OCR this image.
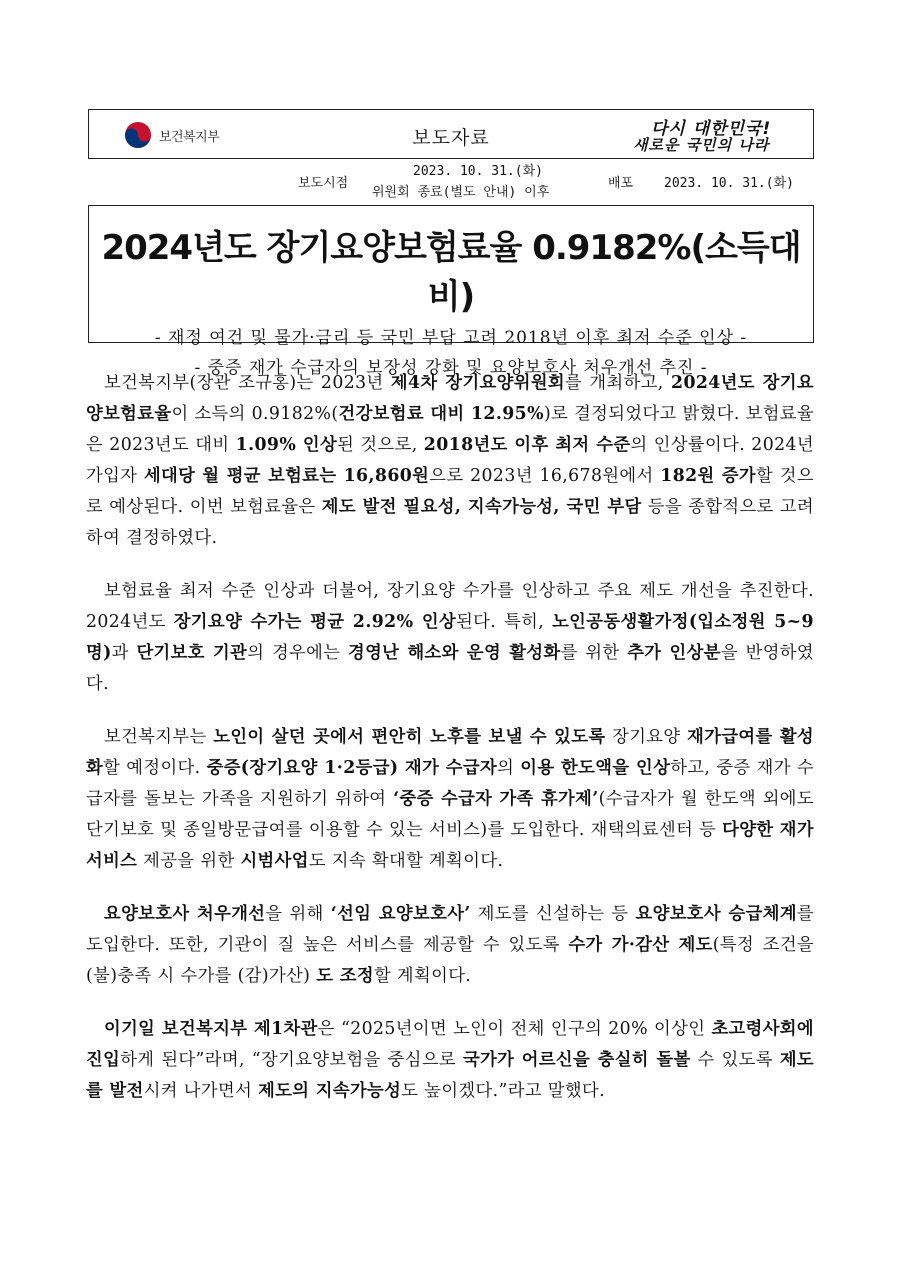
보건복지부	보도자료	다시 대한민국!
새로운 국민의 나라
보도시점
2023. 10. 31.(화)
위원회 종료(별도 안내) 이후
배포 2023. 10. 31.(화)
2024년도 장기요양보험료율 0.9182%(소득대비)
- 재정 여건 및 물가·금리 등 국민 부담 고려 2018년 이후 최저 수준 인상 -
- 중증 재가 수급자의 보장성 강화 및 요양보호사 처우개선 추진 -

보건복지부(장관 조규홍)는 2023년 제4차 장기요양위원회를 개최하고, 2024년도 장기요양보험료율이 소득의 0.9182%(건강보험료 대비 12.95%)로 결정되었다고 밝혔다. 보험료율은 2023년도 대비 1.09% 인상된 것으로, 2018년도 이후 최저 수준의 인상률이다. 2024년 가입자 세대당 월 평균 보험료는 16,860원으로 2023년 16,678원에서 182원 증가할 것으로 예상된다. 이번 보험료율은 제도 발전 필요성, 지속가능성, 국민 부담 등을 종합적으로 고려하여 결정하였다.

보험료율 최저 수준 인상과 더불어, 장기요양 수가를 인상하고 주요 제도 개선을 추진한다. 2024년도 장기요양 수가는 평균 2.92% 인상된다. 특히, 노인공동생활가정(입소정원 5~9명)과 단기보호 기관의 경우에는 경영난 해소와 운영 활성화를 위한 추가 인상분을 반영하였다.

보건복지부는 노인이 살던 곳에서 편안히 노후를 보낼 수 있도록 장기요양 재가급여를 활성화할 예정이다. 중증(장기요양 1·2등급) 재가 수급자의 이용 한도액을 인상하고, 중증 재가 수급자를 돌보는 가족을 지원하기 위하여 ‘중증 수급자 가족 휴가제’(수급자가 월 한도액 외에도 단기보호 및 종일방문급여를 이용할 수 있는 서비스)를 도입한다. 재택의료센터 등 다양한 재가서비스 제공을 위한 시범사업도 지속 확대할 계획이다.

요양보호사 처우개선을 위해 ‘선임 요양보호사’ 제도를 신설하는 등 요양보호사 승급체계를 도입한다. 또한, 기관이 질 높은 서비스를 제공할 수 있도록 수가 가·감산 제도(특정 조건을 (불)충족 시 수가를 (감)가산) 도 조정할 계획이다.

이기일 보건복지부 제1차관은 “2025년이면 노인이 전체 인구의 20% 이상인 초고령사회에 진입하게 된다”라며, “장기요양보험을 중심으로 국가가 어르신을 충실히 돌볼 수 있도록 제도를 발전시켜 나가면서 제도의 지속가능성도 높이겠다.”라고 말했다.
